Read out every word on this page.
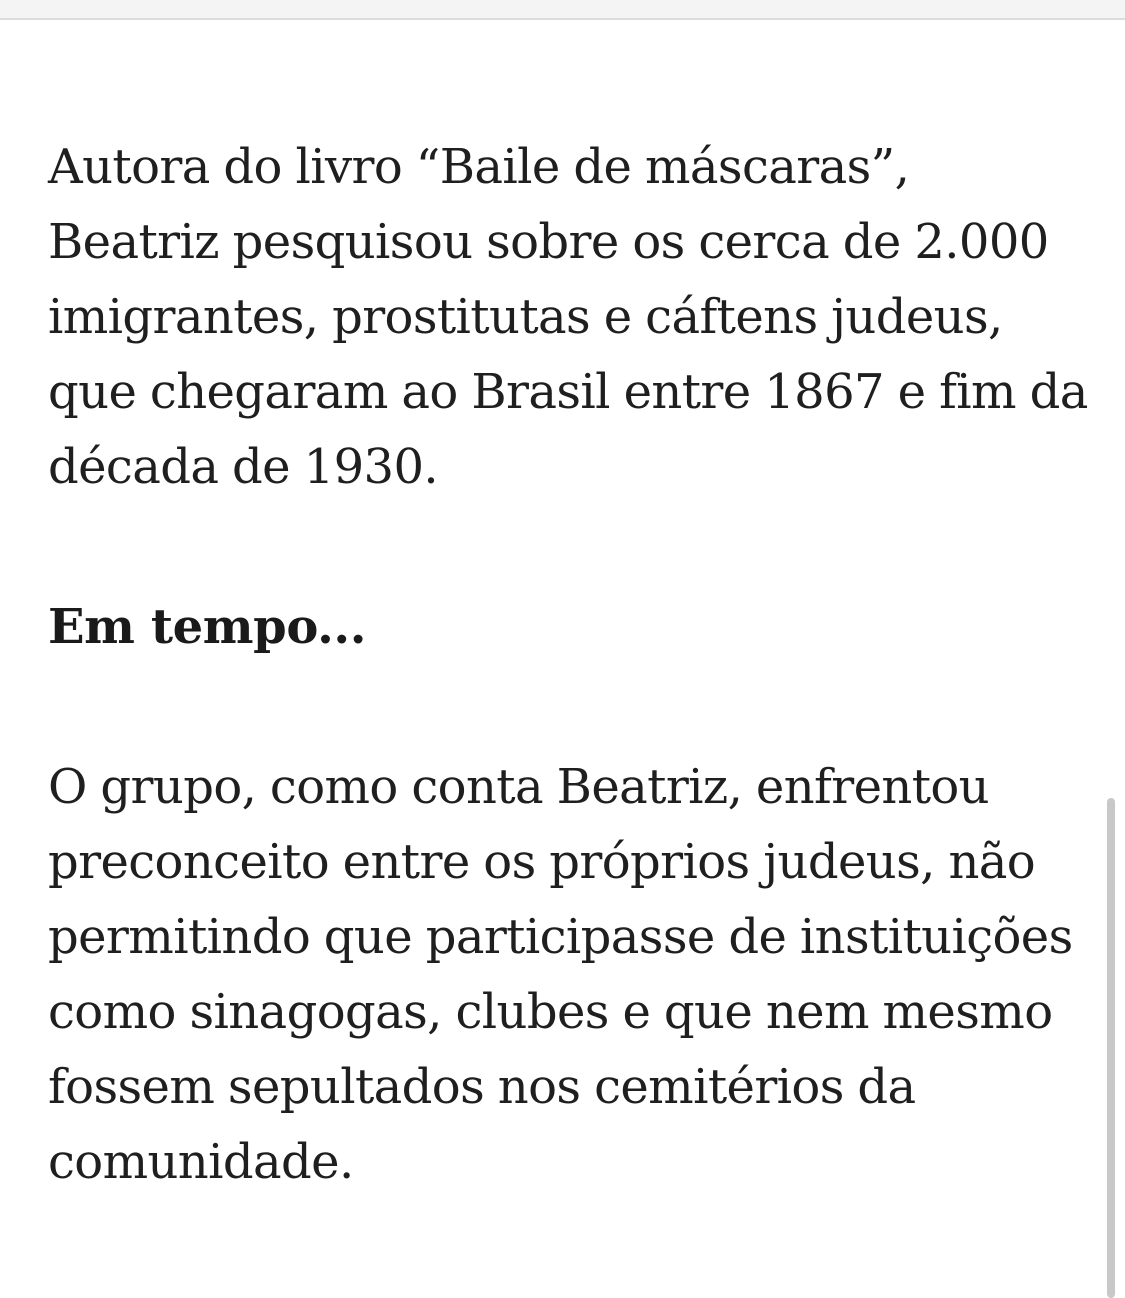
Autora do livro “Baile de máscaras”, Beatriz pesquisou sobre os cerca de 2.000 imigrantes, prostitutas e cáftens judeus, que chegaram ao Brasil entre 1867 e fim da década de 1930.

Em tempo...

O grupo, como conta Beatriz, enfrentou preconceito entre os próprios judeus, não permitindo que participasse de instituições como sinagogas, clubes e que nem mesmo fossem sepultados nos cemitérios da comunidade.
